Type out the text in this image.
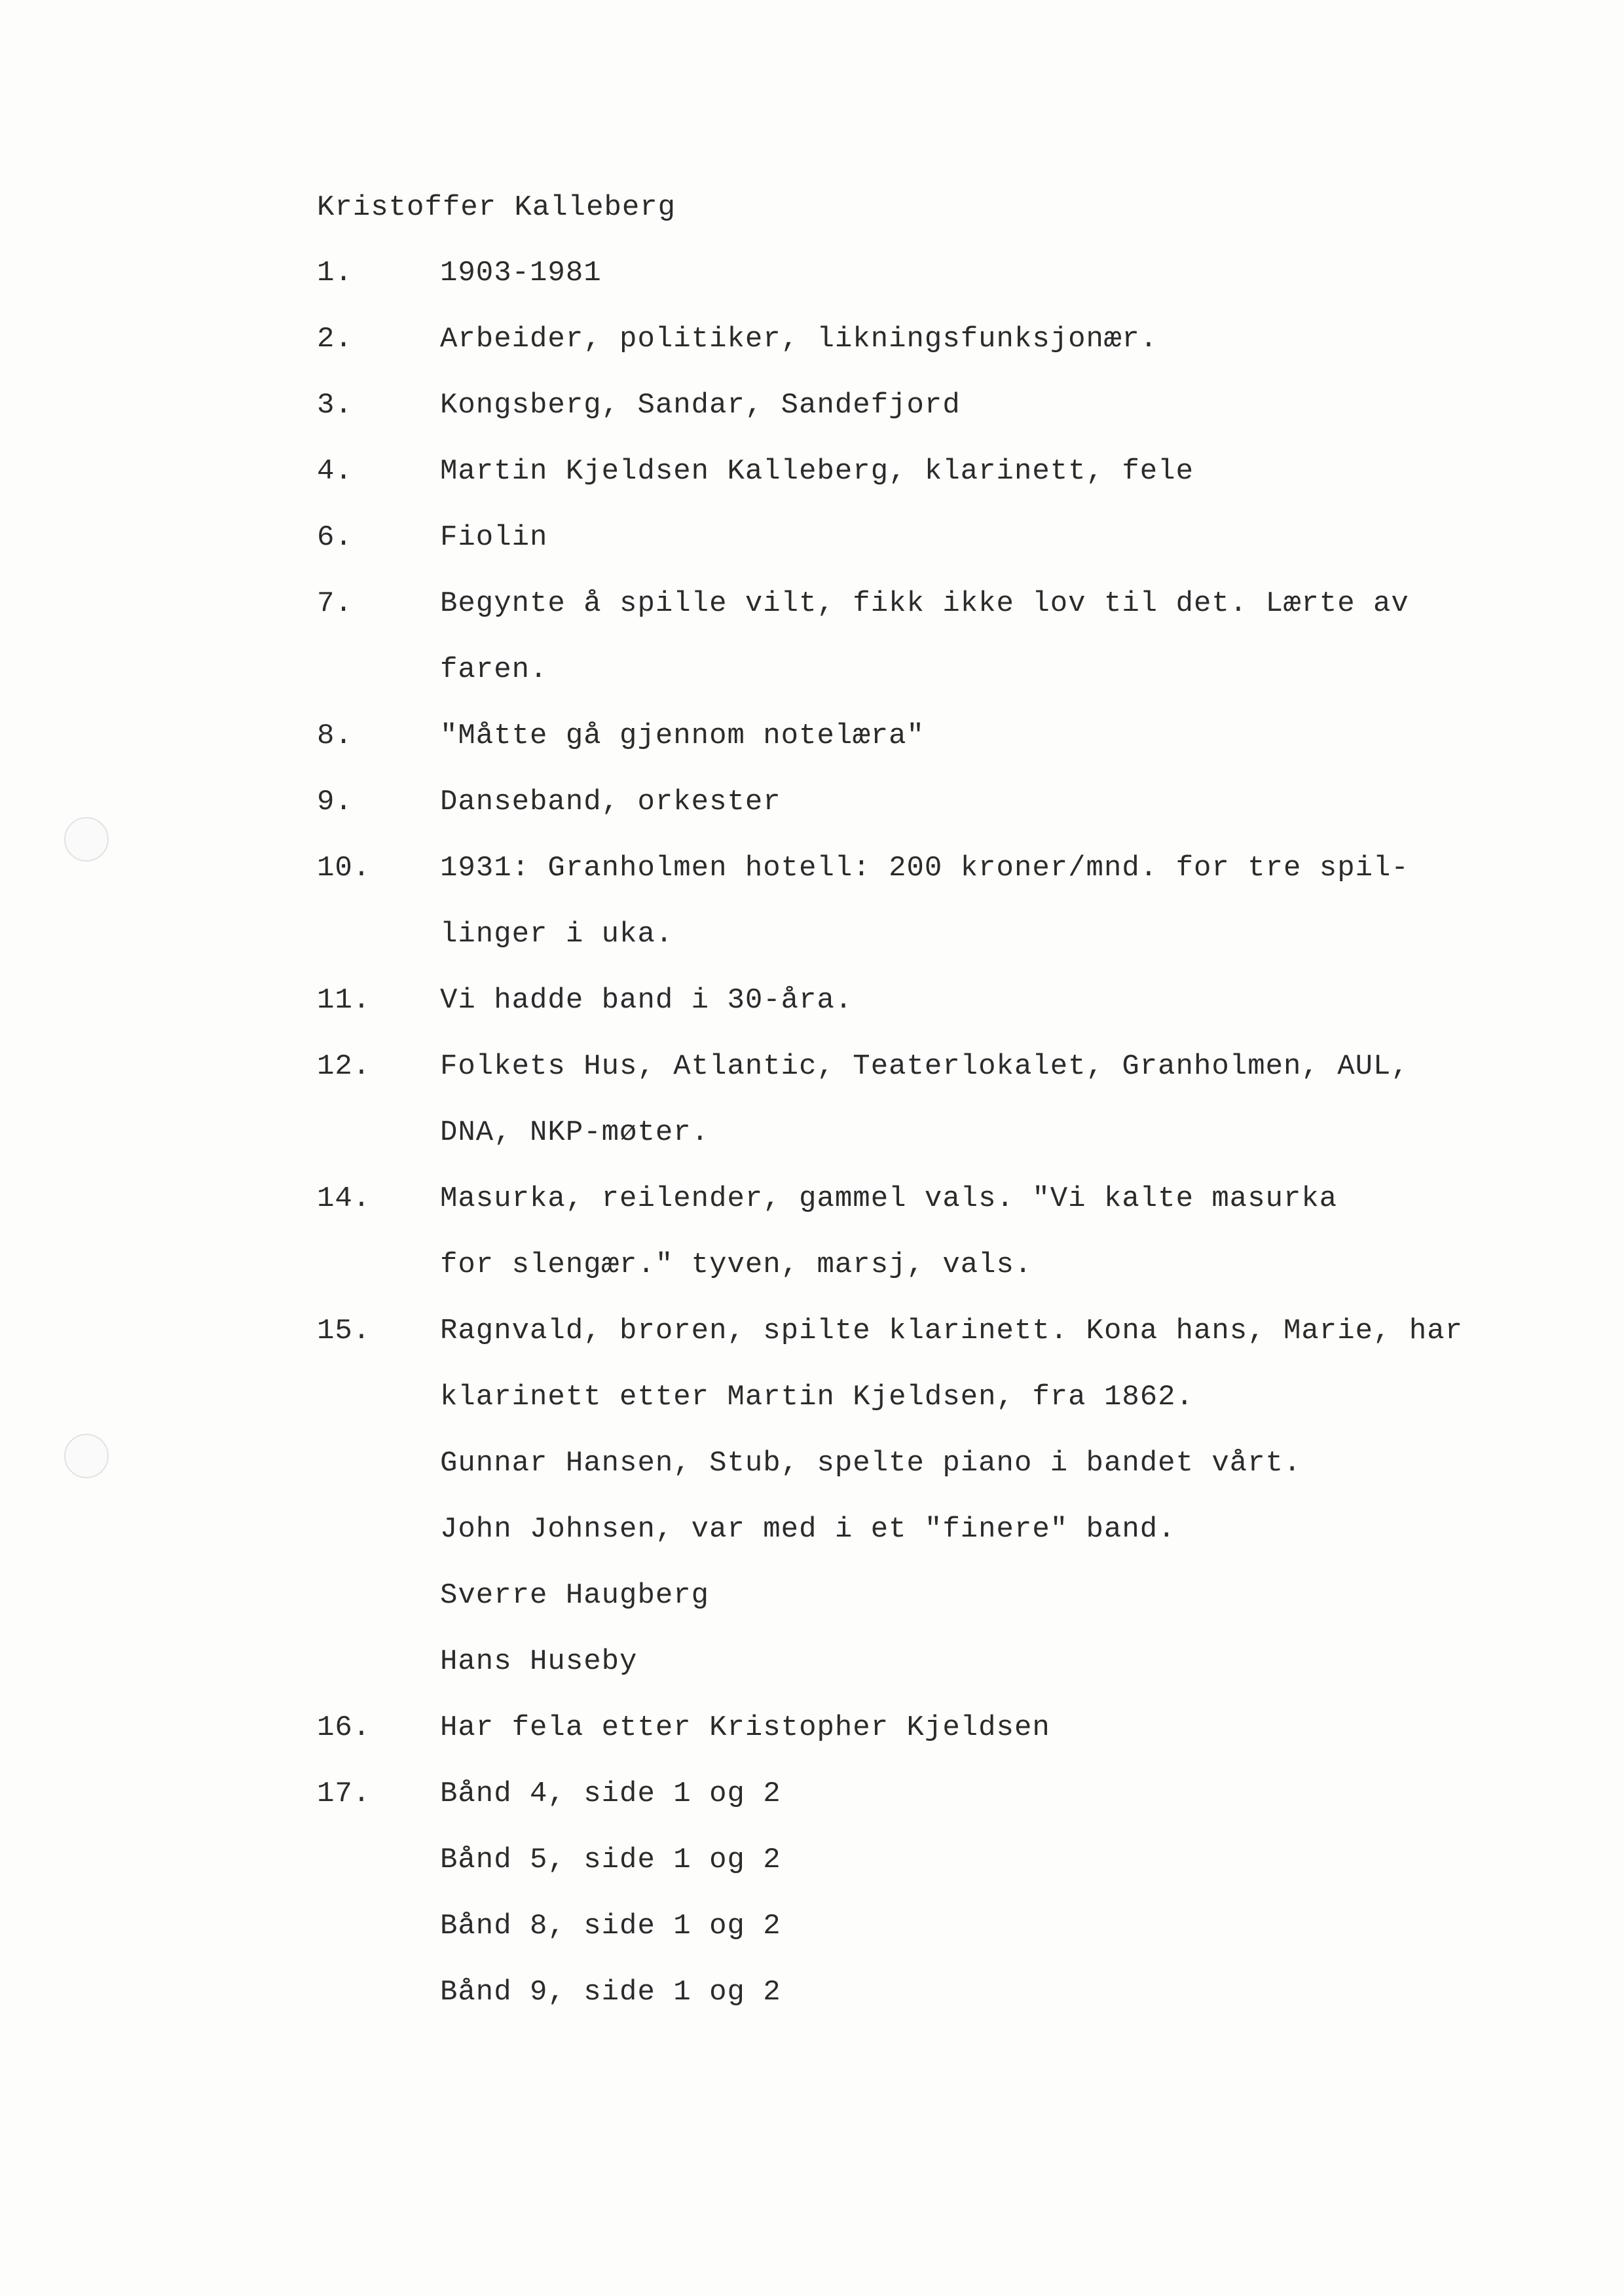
Kristoffer Kalleberg
1.	1903-1981
2.	Arbeider, politiker, likningsfunksjonær.
3.	Kongsberg, Sandar, Sandefjord
4.	Martin Kjeldsen Kalleberg, klarinett, fele
6.	Fiolin
7.	Begynte å spille vilt, fikk ikke lov til det. Lærte av
faren.
8.	"Måtte gå gjennom notelæra"
9.	Danseband, orkester
10. 1931: Granholmen hotell: 200 kroner/mnd. for tre spil-
linger i uka.
11. Vi hadde band i 30-åra.
12. Folkets Hus, Atlantic, Teaterlokalet, Granholmen, AUL,
DNA, NKP-møter.
14. Masurka, reilender, gammel vals. "Vi kalte masurka
for slengær." tyven, marsj, vals.
15. Ragnvald, broren, spilte klarinett. Kona hans, Marie, har
klarinett etter Martin Kjeldsen, fra 1862.
Gunnar Hansen, Stub, spelte piano i bandet vårt.
John Johnsen, var med i et "finere" band.
Sverre Haugberg
Hans Huseby
16. Har fela etter Kristopher Kjeldsen
17. Bånd 4, side 1 og 2
Bånd 5, side 1 og 2
Bånd 8, side 1 og 2
Bånd 9, side 1 og 2
